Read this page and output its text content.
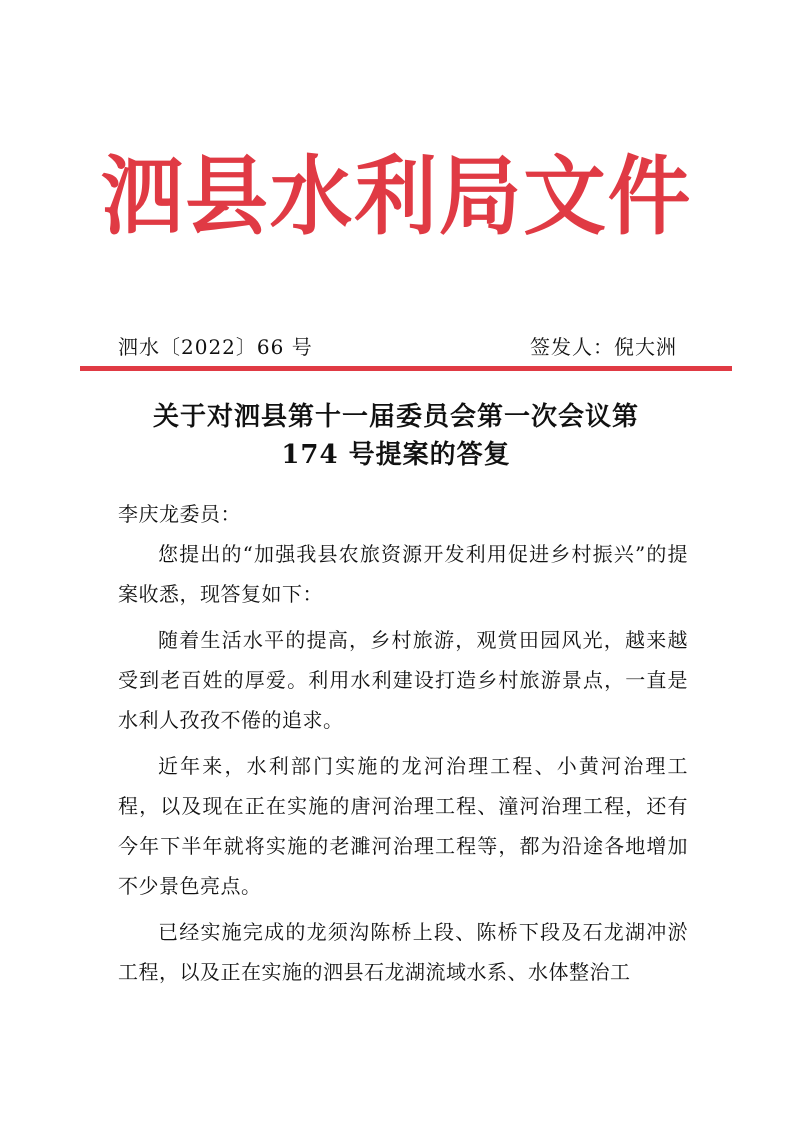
泗县水利局文件
泗水〔2022〕66 号	签发人：倪大洲
关于对泗县第十一届委员会第一次会议第
174 号提案的答复

李庆龙委员：

您提出的“加强我县农旅资源开发利用促进乡村振兴”的提案收悉，现答复如下：

随着生活水平的提高，乡村旅游，观赏田园风光，越来越受到老百姓的厚爱。利用水利建设打造乡村旅游景点，一直是水利人孜孜不倦的追求。

近年来，水利部门实施的龙河治理工程、小黄河治理工程，以及现在正在实施的唐河治理工程、潼河治理工程，还有今年下半年就将实施的老濉河治理工程等，都为沿途各地增加不少景色亮点。

已经实施完成的龙须沟陈桥上段、陈桥下段及石龙湖冲淤工程，以及正在实施的泗县石龙湖流域水系、水体整治工
